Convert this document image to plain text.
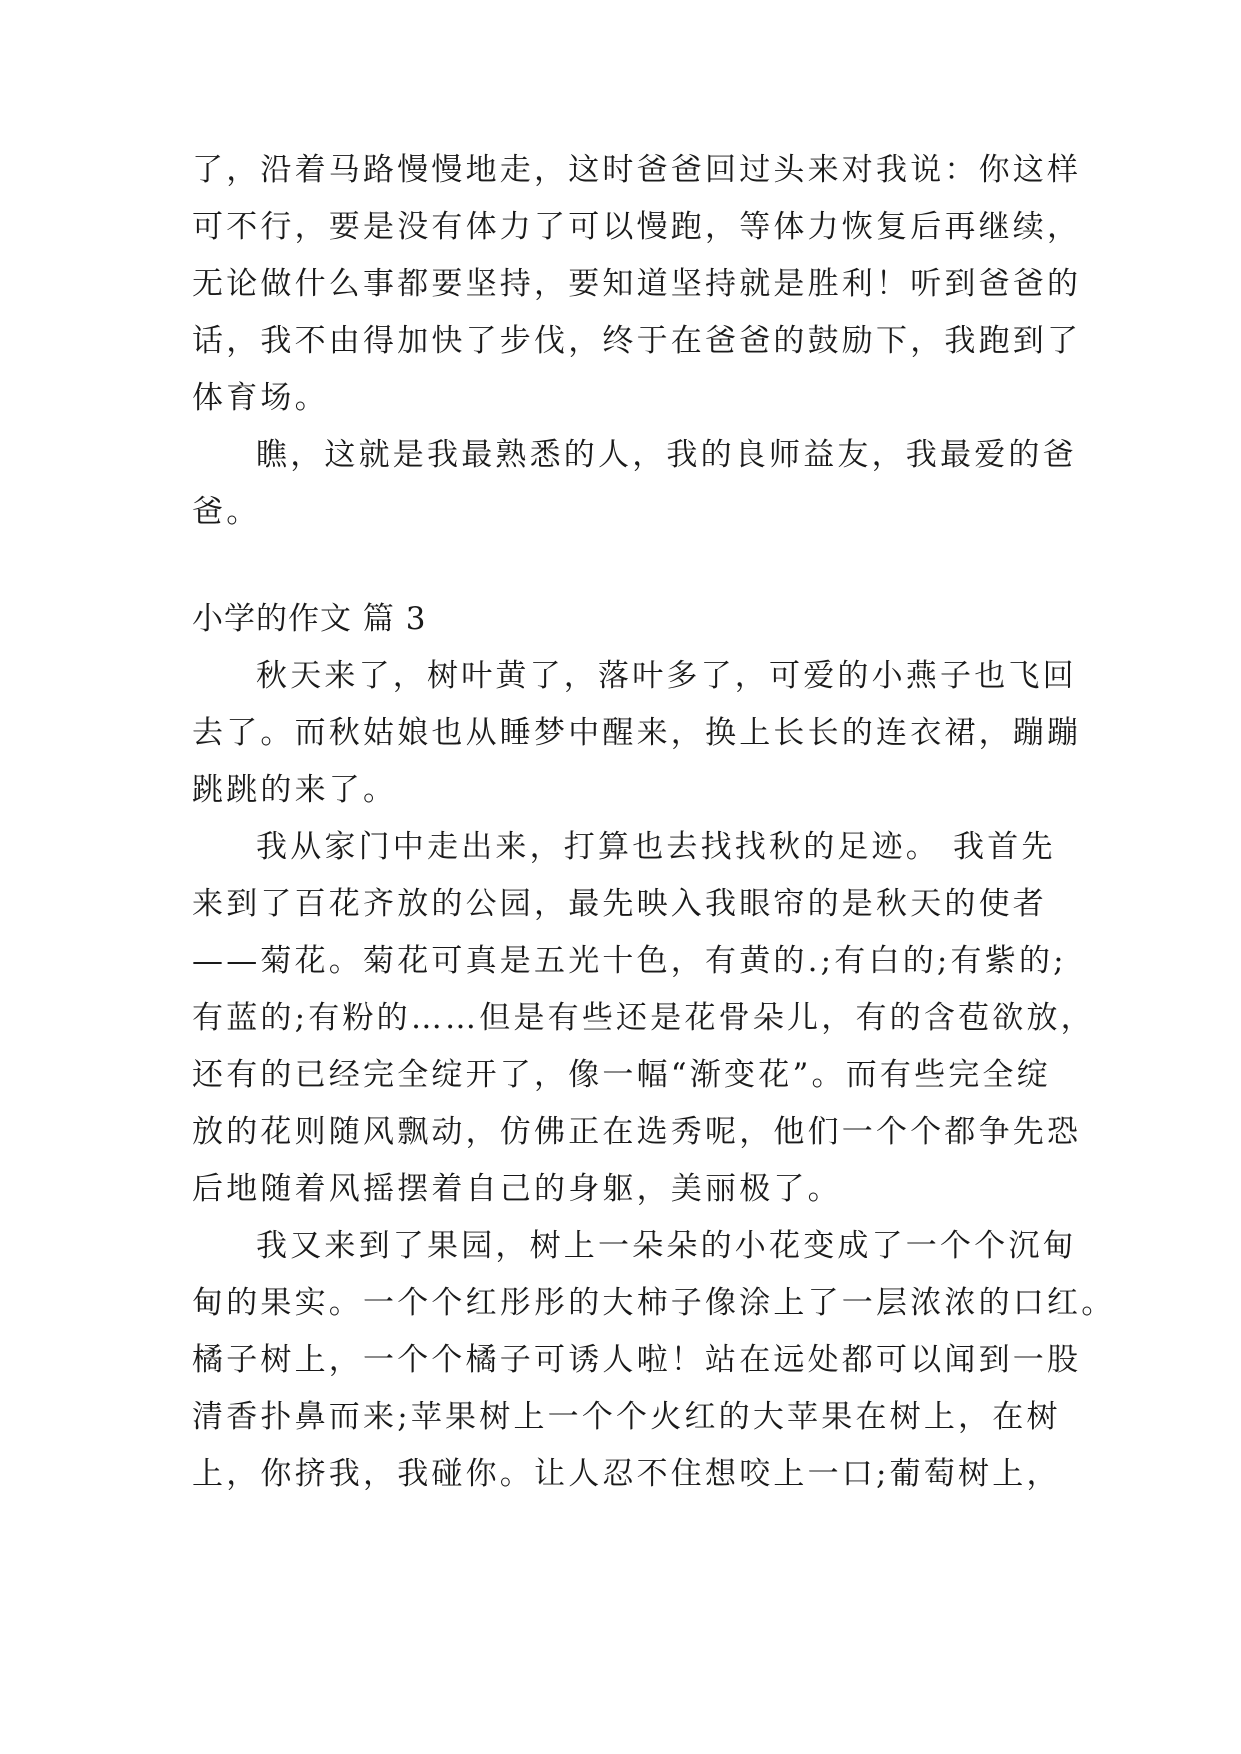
了，沿着马路慢慢地走，这时爸爸回过头来对我说：你这样
可不行，要是没有体力了可以慢跑，等体力恢复后再继续，
无论做什么事都要坚持，要知道坚持就是胜利！听到爸爸的
话，我不由得加快了步伐，终于在爸爸的鼓励下，我跑到了
体育场。
瞧，这就是我最熟悉的人，我的良师益友，我最爱的爸
爸。
小学的作文 篇 3
秋天来了，树叶黄了，落叶多了，可爱的小燕子也飞回
去了。而秋姑娘也从睡梦中醒来，换上长长的连衣裙，蹦蹦
跳跳的来了。
我从家门中走出来，打算也去找找秋的足迹。 我首先
来到了百花齐放的公园，最先映入我眼帘的是秋天的使者
——菊花。菊花可真是五光十色，有黄的.;有白的;有紫的;
有蓝的;有粉的……但是有些还是花骨朵儿，有的含苞欲放，
还有的已经完全绽开了，像一幅“渐变花”。而有些完全绽
放的花则随风飘动，仿佛正在选秀呢，他们一个个都争先恐
后地随着风摇摆着自己的身躯，美丽极了。
我又来到了果园，树上一朵朵的小花变成了一个个沉甸
甸的果实。一个个红彤彤的大柿子像涂上了一层浓浓的口红。
橘子树上，一个个橘子可诱人啦！站在远处都可以闻到一股
清香扑鼻而来;苹果树上一个个火红的大苹果在树上，在树
上，你挤我，我碰你。让人忍不住想咬上一口;葡萄树上，
